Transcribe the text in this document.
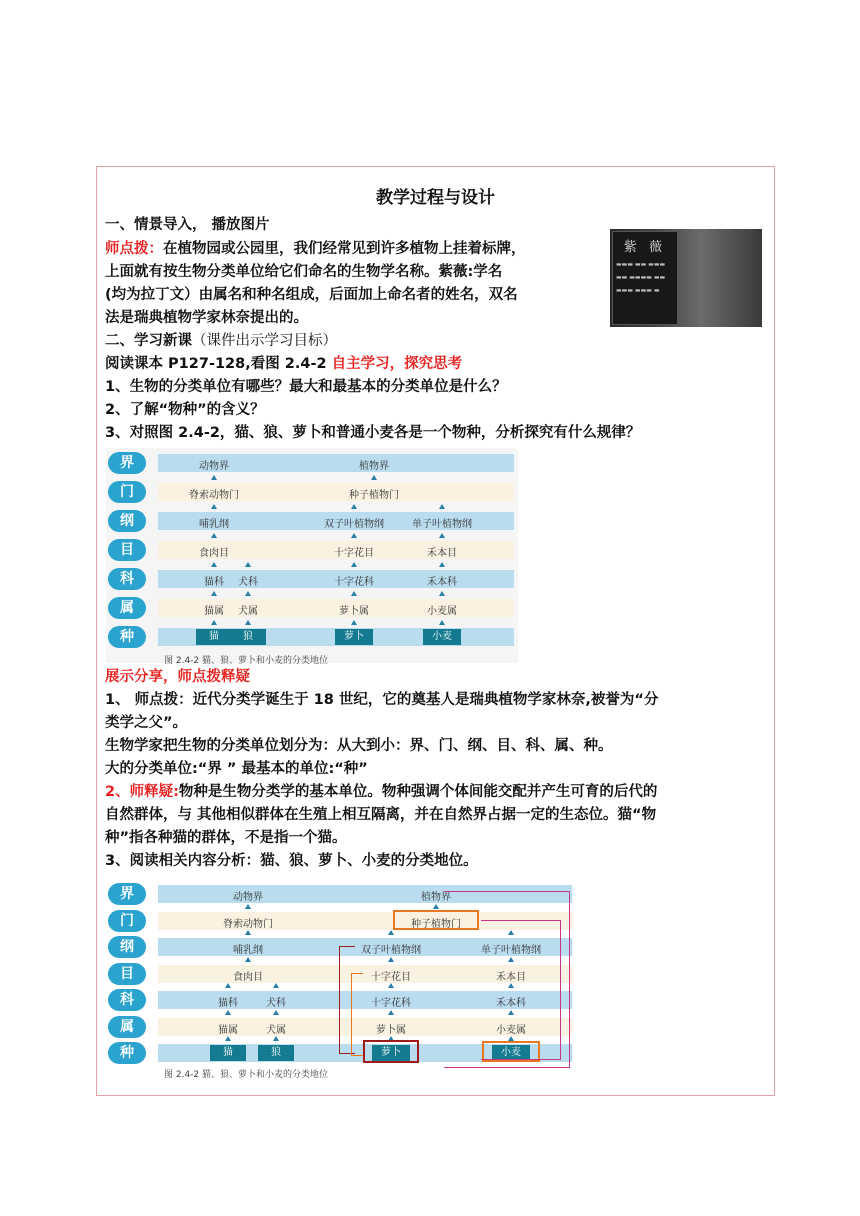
教学过程与设计
一、情景导入， 播放图片
师点拨：在植物园或公园里，我们经常见到许多植物上挂着标牌，
上面就有按生物分类单位给它们命名的生物学名称。紫薇:学名
(均为拉丁文）由属名和种名组成，后面加上命名者的姓名，双名
法是瑞典植物学家林奈提出的。
紫 薇
▬▬▬ ▬▬ ▬▬▬
▬▬ ▬▬▬▬ ▬▬
▬▬▬ ▬▬▬ ▬
二、学习新课（课件出示学习目标）
阅读课本 P127-128,看图 2.4-2 自主学习，探究思考
1、生物的分类单位有哪些？最大和最基本的分类单位是什么？
2、了解“物种”的含义？
3、对照图 2.4-2，猫、狼、萝卜和普通小麦各是一个物种，分析探究有什么规律？
界	动物界	植物界
门	脊索动物门	种子植物门
纲	哺乳纲	双子叶植物纲	单子叶植物纲
目	食肉目	十字花目	禾本目
科	猫科 犬科	十字花科	禾本科
属	猫属 犬属	萝卜属	小麦属
种	猫	狼	萝卜	小麦
图 2.4-2 猫、狼、萝卜和小麦的分类地位
展示分享，师点拨释疑
1、 师点拨：近代分类学诞生于 18 世纪，它的奠基人是瑞典植物学家林奈,被誉为“分
类学之父”。
生物学家把生物的分类单位划分为：从大到小：界、门、纲、目、科、属、种。
大的分类单位:“界 ” 最基本的单位:“种”
2、师释疑:物种是生物分类学的基本单位。物种强调个体间能交配并产生可育的后代的
自然群体，与 其他相似群体在生殖上相互隔离，并在自然界占据一定的生态位。猫“物
种”指各种猫的群体，不是指一个猫。
3、阅读相关内容分析：猫、狼、萝卜、小麦的分类地位。
界	动物界	植物界
门	脊索动物门	种子植物门
纲	哺乳纲	双子叶植物纲	单子叶植物纲
目	食肉目	十字花目	禾本目
科	猫科	犬科	十字花科	禾本科
属	猫属	犬属	萝卜属	小麦属
种	猫	狼	萝卜	小麦
图 2.4-2 猫、狼、萝卜和小麦的分类地位
